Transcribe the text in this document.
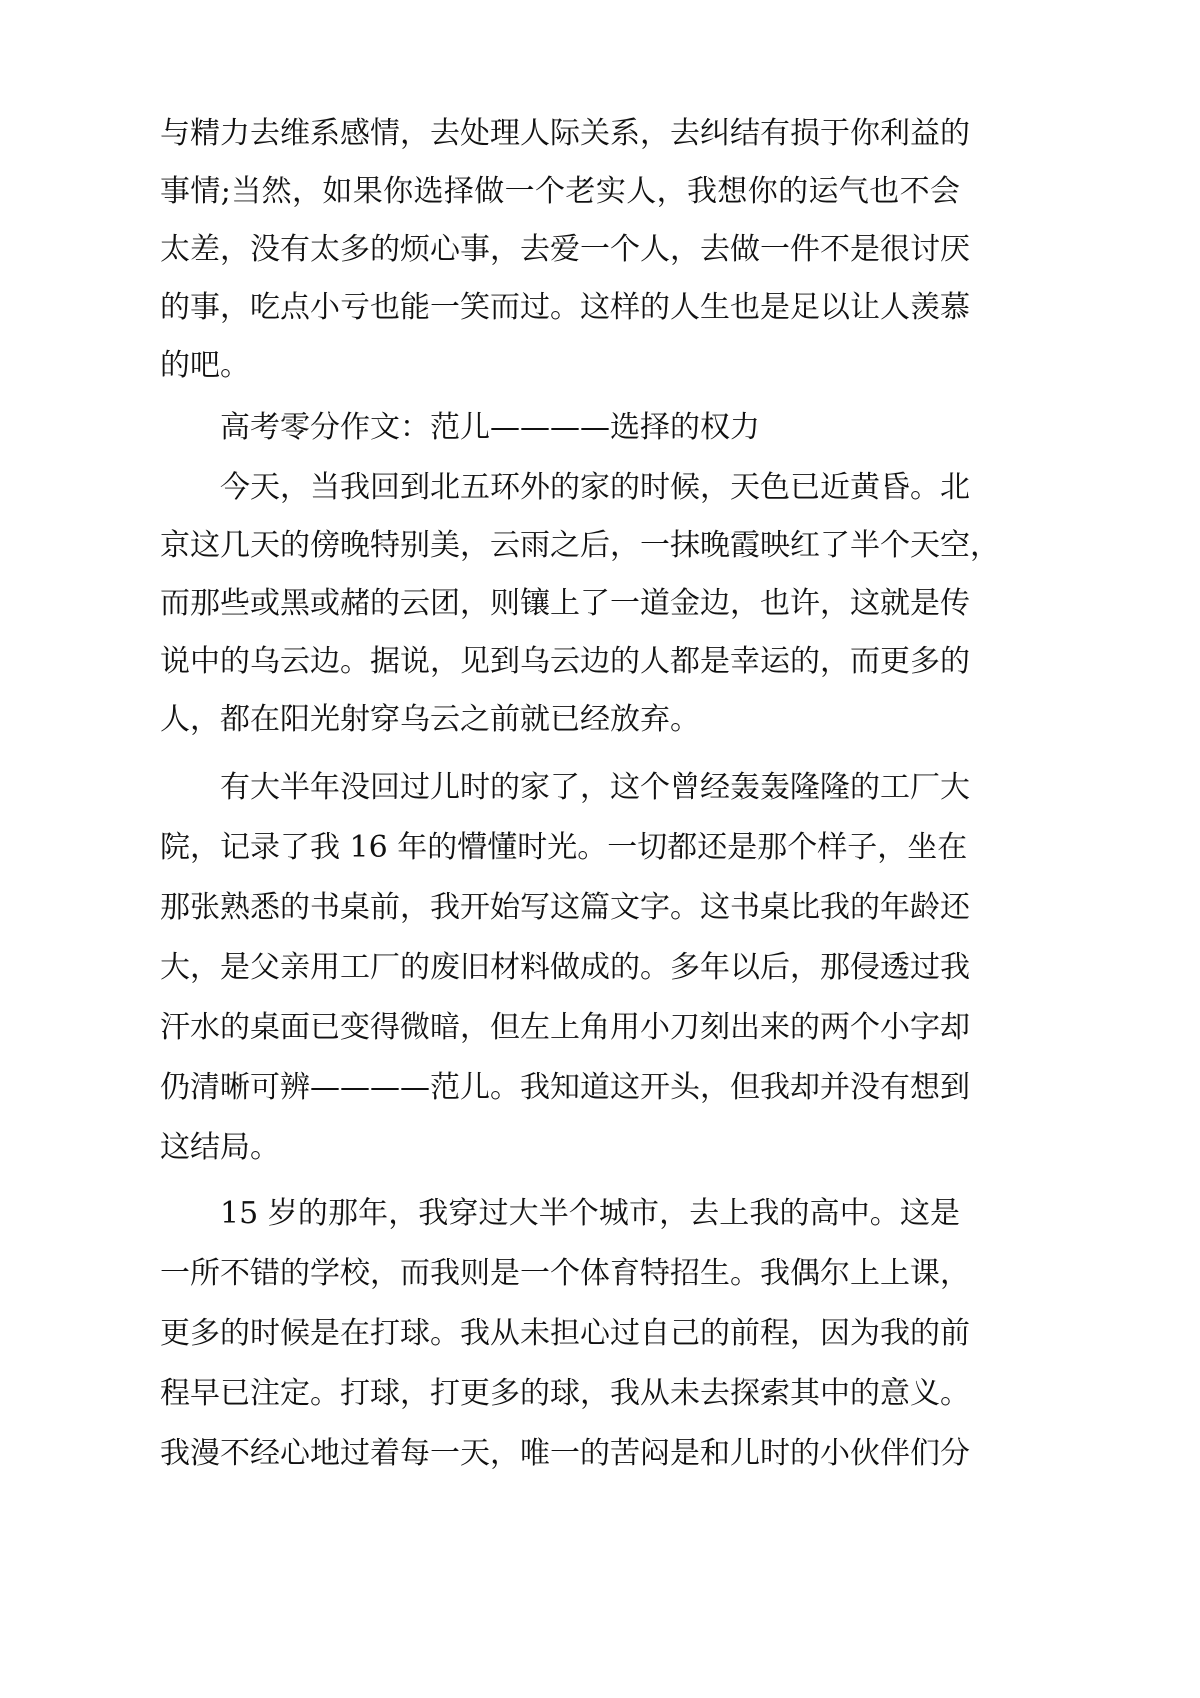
与精力去维系感情，去处理人际关系，去纠结有损于你利益的
事情;当然，如果你选择做一个老实人，我想你的运气也不会
太差，没有太多的烦心事，去爱一个人，去做一件不是很讨厌
的事，吃点小亏也能一笑而过。这样的人生也是足以让人羡慕
的吧。
高考零分作文：范儿————选择的权力
今天，当我回到北五环外的家的时候，天色已近黄昏。北
京这几天的傍晚特别美，云雨之后，一抹晚霞映红了半个天空，
而那些或黑或赭的云团，则镶上了一道金边，也许，这就是传
说中的乌云边。据说，见到乌云边的人都是幸运的，而更多的
人，都在阳光射穿乌云之前就已经放弃。
有大半年没回过儿时的家了，这个曾经轰轰隆隆的工厂大
院，记录了我 16 年的懵懂时光。一切都还是那个样子，坐在
那张熟悉的书桌前，我开始写这篇文字。这书桌比我的年龄还
大，是父亲用工厂的废旧材料做成的。多年以后，那侵透过我
汗水的桌面已变得微暗，但左上角用小刀刻出来的两个小字却
仍清晰可辨————范儿。我知道这开头，但我却并没有想到
这结局。
15 岁的那年，我穿过大半个城市，去上我的高中。这是
一所不错的学校，而我则是一个体育特招生。我偶尔上上课，
更多的时候是在打球。我从未担心过自己的前程，因为我的前
程早已注定。打球，打更多的球，我从未去探索其中的意义。
我漫不经心地过着每一天，唯一的苦闷是和儿时的小伙伴们分
